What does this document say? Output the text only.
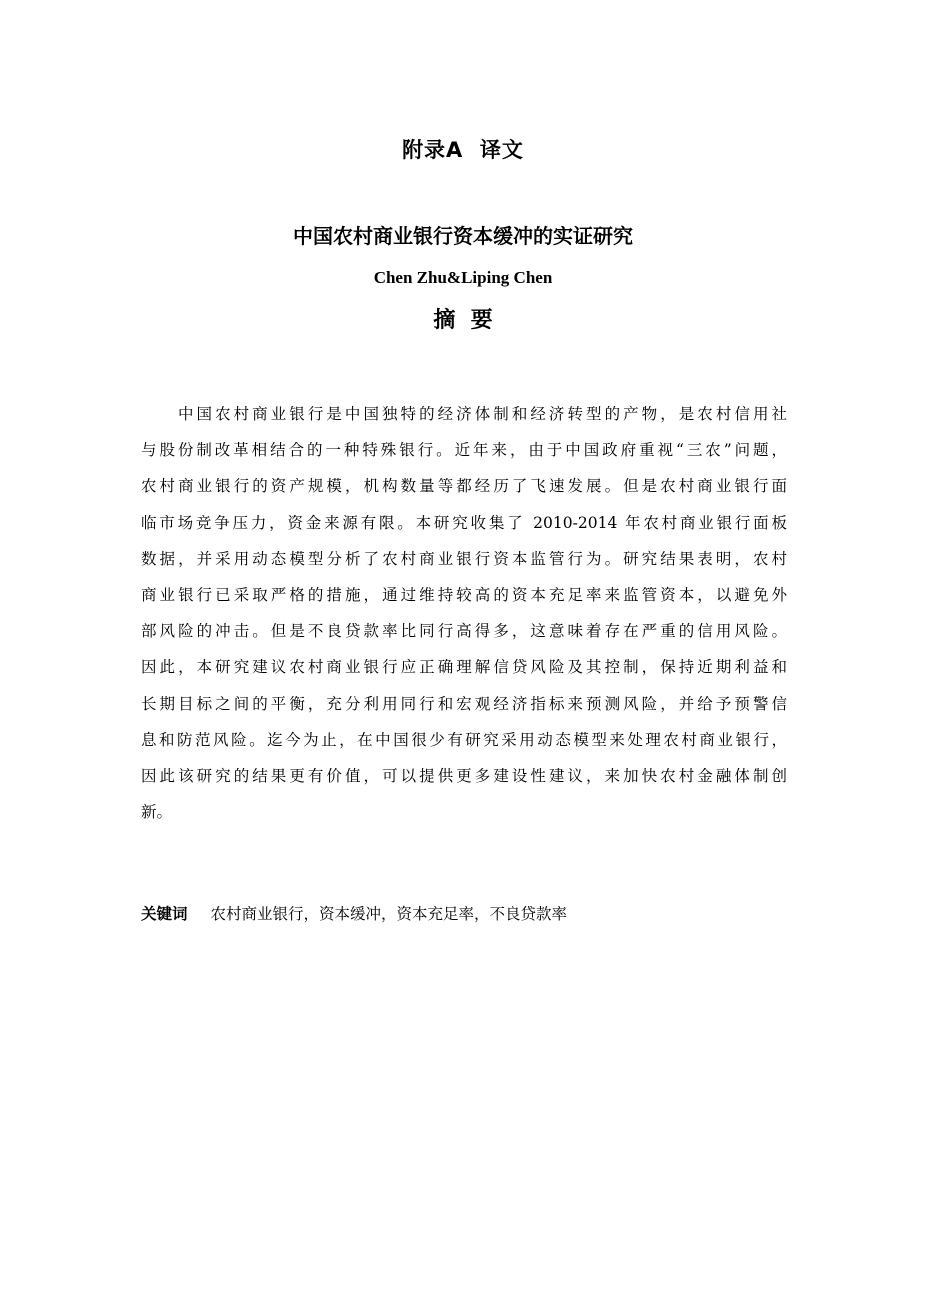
附录A  译文
中国农村商业银行资本缓冲的实证研究
Chen Zhu&Liping Chen
摘  要
中国农村商业银行是中国独特的经济体制和经济转型的产物，是农村信用社
与股份制改革相结合的一种特殊银行。近年来，由于中国政府重视“三农”问题，
农村商业银行的资产规模，机构数量等都经历了飞速发展。但是农村商业银行面
临市场竞争压力，资金来源有限。本研究收集了 2010-2014 年农村商业银行面板
数据，并采用动态模型分析了农村商业银行资本监管行为。研究结果表明，农村
商业银行已采取严格的措施，通过维持较高的资本充足率来监管资本，以避免外
部风险的冲击。但是不良贷款率比同行高得多，这意味着存在严重的信用风险。
因此，本研究建议农村商业银行应正确理解信贷风险及其控制，保持近期利益和
长期目标之间的平衡，充分利用同行和宏观经济指标来预测风险，并给予预警信
息和防范风险。迄今为止，在中国很少有研究采用动态模型来处理农村商业银行，
因此该研究的结果更有价值，可以提供更多建设性建议，来加快农村金融体制创
新。
关键词 农村商业银行，资本缓冲，资本充足率，不良贷款率
